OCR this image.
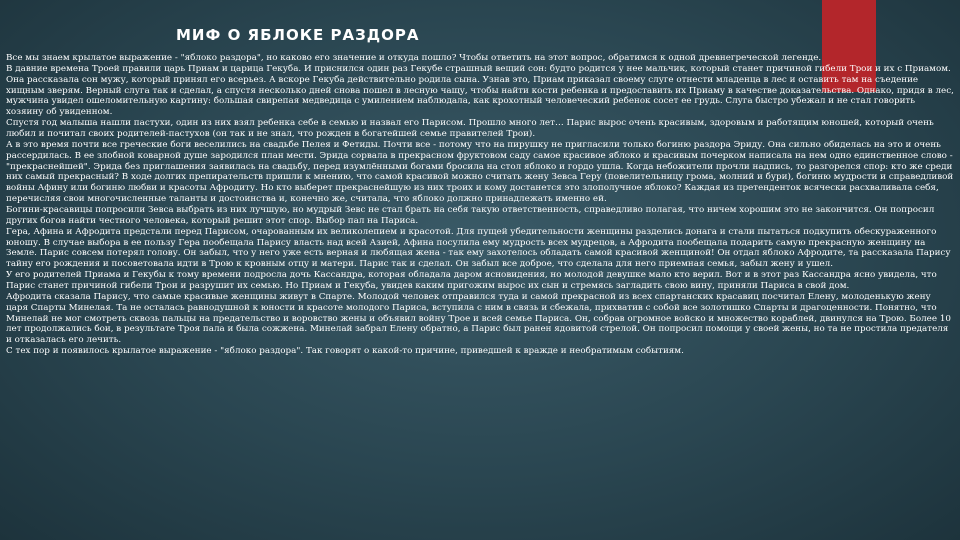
МИФ О ЯБЛОКЕ РАЗДОРА

Все мы знаем крылатое выражение - "яблоко раздора", но каково его значение и откуда пошло? Чтобы ответить на этот вопрос, обратимся к одной древнегреческой легенде.

В давние времена Троей правили царь Приам и царица Гекуба. И приснился один раз Гекубе страшный вещий сон: будто родится у нее мальчик, который станет причиной гибели Трои и их с Приамом. Она рассказала сон мужу, который принял его всерьез. А вскоре Гекуба действительно родила сына. Узнав это, Приам приказал своему слуге отнести младенца в лес и оставить там на съедение хищным зверям. Верный слуга так и сделал, а спустя несколько дней снова пошел в лесную чащу, чтобы найти кости ребенка и предоставить их Приаму в качестве доказательства. Однако, придя в лес, мужчина увидел ошеломительную картину: большая свирепая медведица с умилением наблюдала, как крохотный человеческий ребенок сосет ее грудь. Слуга быстро убежал и не стал говорить хозяину об увиденном.

Спустя год малыша нашли пастухи, один из них взял ребенка себе в семью и назвал его Парисом. Прошло много лет… Парис вырос очень красивым, здоровым и работящим юношей, который очень любил и почитал своих родителей-пастухов (он так и не знал, что рожден в богатейшей семье правителей Трои).

А в это время почти все греческие боги веселились на свадьбе Пелея и Фетиды. Почти все - потому что на пирушку не пригласили только богиню раздора Эриду. Она сильно обиделась на это и очень рассердилась. В ее злобной коварной душе зародился план мести. Эрида сорвала в прекрасном фруктовом саду самое красивое яблоко и красивым почерком написала на нем одно единственное слово - "прекраснейшей". Эрида без приглашения заявилась на свадьбу, перед изумлёнными богами бросила на стол яблоко и гордо ушла. Когда небожители прочли надпись, то разгорелся спор: кто же среди них самый прекрасный? В ходе долгих препирательств пришли к мнению, что самой красивой можно считать жену Зевса Геру (повелительницу грома, молний и бури), богиню мудрости и справедливой войны Афину или богиню любви и красоты Афродиту. Но кто выберет прекраснейшую из них троих и кому достанется это злополучное яблоко? Каждая из претенденток всячески расхваливала себя, перечисляя свои многочисленные таланты и достоинства и, конечно же, считала, что яблоко должно принадлежать именно ей.

Богини-красавицы попросили Зевса выбрать из них лучшую, но мудрый Зевс не стал брать на себя такую ответственность, справедливо полагая, что ничем хорошим это не закончится. Он попросил других богов найти честного человека, который решит этот спор. Выбор пал на Париса.

Гера, Афина и Афродита предстали перед Парисом, очарованным их великолепием и красотой. Для пущей убедительности женщины разделись донага и стали пытаться подкупить обескураженного юношу. В случае выбора в ее пользу Гера пообещала Парису власть над всей Азией, Афина посулила ему мудрость всех мудрецов, а Афродита пообещала подарить самую прекрасную женщину на Земле. Парис совсем потерял голову. Он забыл, что у него уже есть верная и любящая жена - так ему захотелось обладать самой красивой женщиной! Он отдал яблоко Афродите, та рассказала Парису тайну его рождения и посоветовала идти в Трою к кровным отцу и матери. Парис так и сделал. Он забыл все доброе, что сделала для него приемная семья, забыл жену и ушел.

У его родителей Приама и Гекубы к тому времени подросла дочь Кассандра, которая обладала даром ясновидения, но молодой девушке мало кто верил. Вот и в этот раз Кассандра ясно увидела, что Парис станет причиной гибели Трои и разрушит их семью. Но Приам и Гекуба, увидев каким пригожим вырос их сын и стремясь загладить свою вину, приняли Париса в свой дом.

Афродита сказала Парису, что самые красивые женщины живут в Спарте. Молодой человек отправился туда и самой прекрасной из всех спартанских красавиц посчитал Елену, молоденькую жену царя Спарты Минелая. Та не осталась равнодушной к юности и красоте молодого Париса, вступила с ним в связь и сбежала, прихватив с собой все золотишко Спарты и драгоценности. Понятно, что Минелай не мог смотреть сквозь пальцы на предательство и воровство жены и объявил войну Трое и всей семье Париса. Он, собрав огромное войско и множество кораблей, двинулся на Трою. Более 10 лет продолжались бои, в результате Троя пала и была сожжена. Минелай забрал Елену обратно, а Парис был ранен ядовитой стрелой. Он попросил помощи у своей жены, но та не простила предателя и отказалась его лечить.

С тех пор и появилось крылатое выражение - "яблоко раздора". Так говорят о какой-то причине, приведшей к вражде и необратимым событиям.
